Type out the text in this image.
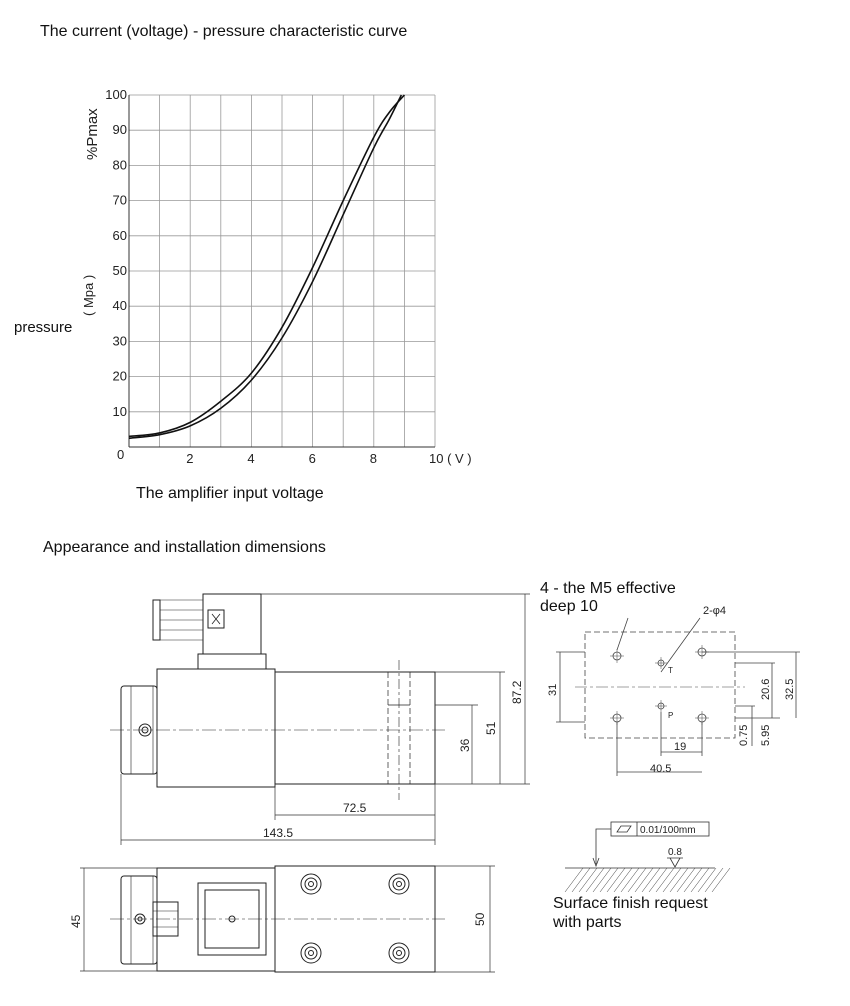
The current (voltage) - pressure characteristic curve
pressure
The amplifier input voltage
Appearance and installation dimensions
4 - the M5 effective
deep 10
Surface finish request
with parts
0	2	4	6	8	10 ( V )
10
20
30
40
50
60
70
80
90
100
%Pmax
( Mpa )
87.2
51
36
72.5
143.5
45	50
2-φ4
T
P
31
19
40.5
20.6 32.5
0.75 5.95
0.01/100mm
0.8
